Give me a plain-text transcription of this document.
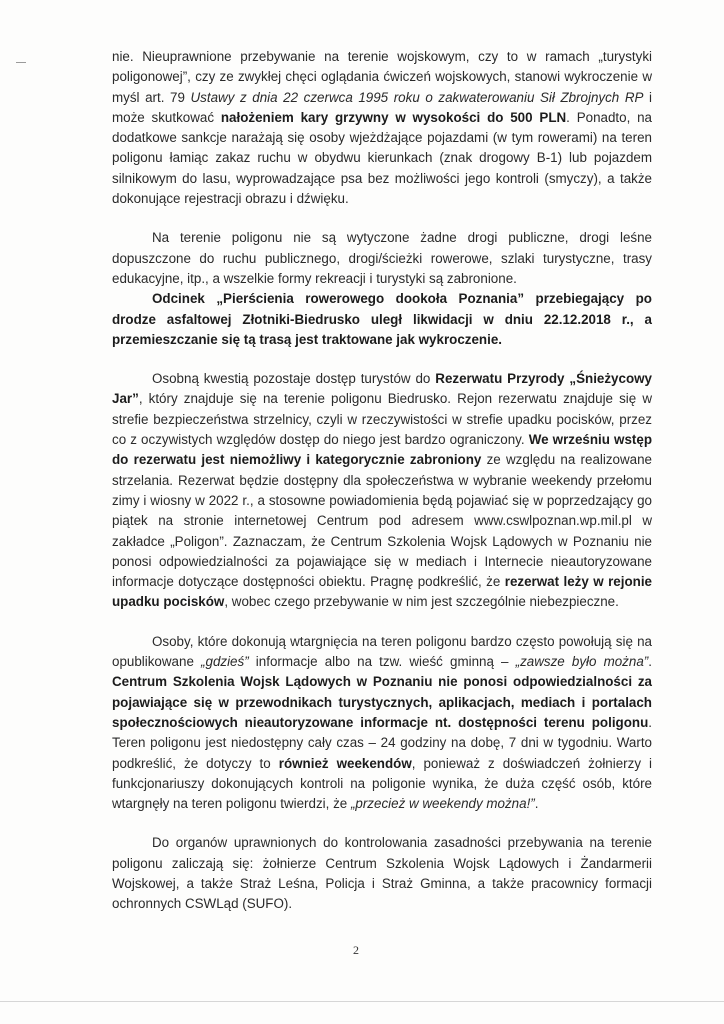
nie. Nieuprawnione przebywanie na terenie wojskowym, czy to w ramach „turystyki poligonowej”, czy ze zwykłej chęci oglądania ćwiczeń wojskowych, stanowi wykroczenie w myśl art. 79 Ustawy z dnia 22 czerwca 1995 roku o zakwaterowaniu Sił Zbrojnych RP i może skutkować nałożeniem kary grzywny w wysokości do 500 PLN. Ponadto, na dodatkowe sankcje narażają się osoby wjeżdżające pojazdami (w tym rowerami) na teren poligonu łamiąc zakaz ruchu w obydwu kierunkach (znak drogowy B-1) lub pojazdem silnikowym do lasu, wyprowadzające psa bez możliwości jego kontroli (smyczy), a także dokonujące rejestracji obrazu i dźwięku.

Na terenie poligonu nie są wytyczone żadne drogi publiczne, drogi leśne dopuszczone do ruchu publicznego, drogi/ścieżki rowerowe, szlaki turystyczne, trasy edukacyjne, itp., a wszelkie formy rekreacji i turystyki są zabronione.

Odcinek „Pierścienia rowerowego dookoła Poznania” przebiegający po drodze asfaltowej Złotniki-Biedrusko uległ likwidacji w dniu 22.12.2018 r., a przemieszczanie się tą trasą jest traktowane jak wykroczenie.

Osobną kwestią pozostaje dostęp turystów do Rezerwatu Przyrody „Śnieżycowy Jar”, który znajduje się na terenie poligonu Biedrusko. Rejon rezerwatu znajduje się w strefie bezpieczeństwa strzelnicy, czyli w rzeczywistości w strefie upadku pocisków, przez co z oczywistych względów dostęp do niego jest bardzo ograniczony. We wrześniu wstęp do rezerwatu jest niemożliwy i kategorycznie zabroniony ze względu na realizowane strzelania. Rezerwat będzie dostępny dla społeczeństwa w wybranie weekendy przełomu zimy i wiosny w 2022 r., a stosowne powiadomienia będą pojawiać się w poprzedzający go piątek na stronie internetowej Centrum pod adresem www.cswlpoznan.wp.mil.pl w zakładce „Poligon”. Zaznaczam, że Centrum Szkolenia Wojsk Lądowych w Poznaniu nie ponosi odpowiedzialności za pojawiające się w mediach i Internecie nieautoryzowane informacje dotyczące dostępności obiektu. Pragnę podkreślić, że rezerwat leży w rejonie upadku pocisków, wobec czego przebywanie w nim jest szczególnie niebezpieczne.

Osoby, które dokonują wtargnięcia na teren poligonu bardzo często powołują się na opublikowane „gdzieś” informacje albo na tzw. wieść gminną – „zawsze było można”. Centrum Szkolenia Wojsk Lądowych w Poznaniu nie ponosi odpowiedzialności za pojawiające się w przewodnikach turystycznych, aplikacjach, mediach i portalach społecznościowych nieautoryzowane informacje nt. dostępności terenu poligonu. Teren poligonu jest niedostępny cały czas – 24 godziny na dobę, 7 dni w tygodniu. Warto podkreślić, że dotyczy to również weekendów, ponieważ z doświadczeń żołnierzy i funkcjonariuszy dokonujących kontroli na poligonie wynika, że duża część osób, które wtargnęły na teren poligonu twierdzi, że „przecież w weekendy można!”.

Do organów uprawnionych do kontrolowania zasadności przebywania na terenie poligonu zaliczają się: żołnierze Centrum Szkolenia Wojsk Lądowych i Żandarmerii Wojskowej, a także Straż Leśna, Policja i Straż Gminna, a także pracownicy formacji ochronnych CSWLąd (SUFO).

2
